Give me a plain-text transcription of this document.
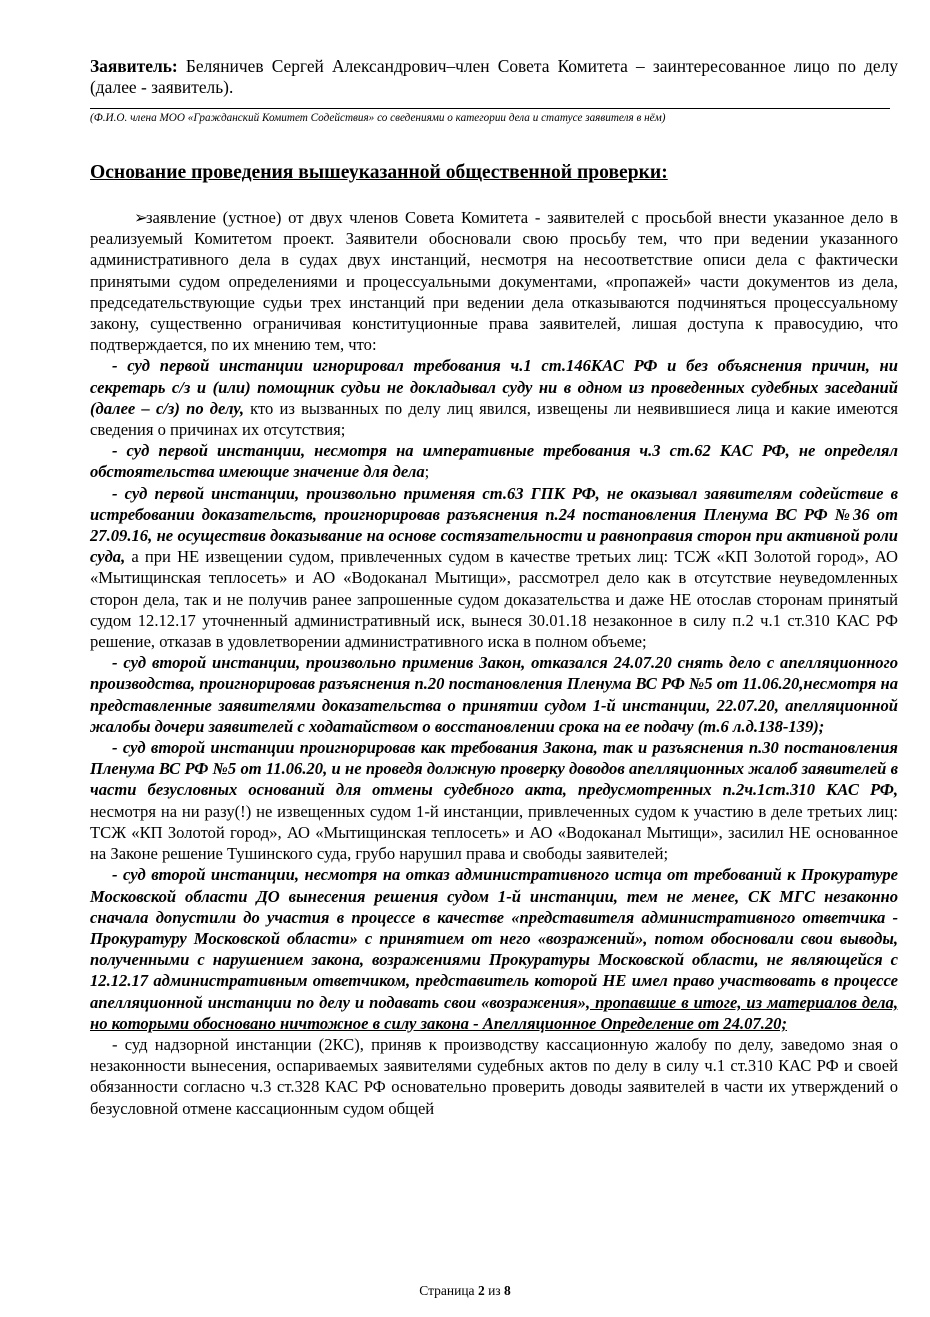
Заявитель: Беляничев Сергей Александрович–член Совета Комитета – заинтересованное лицо по делу (далее - заявитель).
(Ф.И.О. члена МОО «Гражданский Комитет Содействия» со сведениями о категории дела и статусе заявителя в нём)
Основание проведения вышеуказанной общественной проверки:

➢заявление (устное) от двух членов Совета Комитета - заявителей с просьбой внести указанное дело в реализуемый Комитетом проект. Заявители обосновали свою просьбу тем, что при ведении указанного административного дела в судах двух инстанций, несмотря на несоответствие описи дела с фактически принятыми судом определениями и процессуальными документами, «пропажей» части документов из дела, председательствующие судьи трех инстанций при ведении дела отказываются подчиняться процессуальному закону, существенно ограничивая конституционные права заявителей, лишая доступа к правосудию, что подтверждается, по их мнению тем, что:

- суд первой инстанции игнорировал требования ч.1 ст.146КАС РФ и без объяснения причин, ни секретарь с/з и (или) помощник судьи не докладывал суду ни в одном из проведенных судебных заседаний (далее – с/з) по делу, кто из вызванных по делу лиц явился, извещены ли неявившиеся лица и какие имеются сведения о причинах их отсутствия;

- суд первой инстанции, несмотря на императивные требования ч.3 ст.62 КАС РФ, не определял обстоятельства имеющие значение для дела;

- суд первой инстанции, произвольно применяя ст.63 ГПК РФ, не оказывал заявителям содействие в истребовании доказательств, проигнорировав разъяснения п.24 постановления Пленума ВС РФ №36 от 27.09.16, не осуществив доказывание на основе состязательности и равноправия сторон при активной роли суда, а при НЕ извещении судом, привлеченных судом в качестве третьих лиц: ТСЖ «КП Золотой город», АО «Мытищинская теплосеть» и АО «Водоканал Мытищи», рассмотрел дело как в отсутствие неуведомленных сторон дела, так и не получив ранее запрошенные судом доказательства и даже НЕ отослав сторонам принятый судом 12.12.17 уточненный административный иск, вынеся 30.01.18 незаконное в силу п.2 ч.1 ст.310 КАС РФ решение, отказав в удовлетворении административного иска в полном объеме;

- суд второй инстанции, произвольно применив Закон, отказался 24.07.20 снять дело с апелляционного производства, проигнорировав разъяснения п.20 постановления Пленума ВС РФ №5 от 11.06.20,несмотря на представленные заявителями доказательства о принятии судом 1-й инстанции, 22.07.20, апелляционной жалобы дочери заявителей с ходатайством о восстановлении срока на ее подачу (т.6 л.д.138-139);

- суд второй инстанции проигнорировав как требования Закона, так и разъяснения п.30 постановления Пленума ВС РФ №5 от 11.06.20, и не проведя должную проверку доводов апелляционных жалоб заявителей в части безусловных оснований для отмены судебного акта, предусмотренных п.2ч.1ст.310 КАС РФ, несмотря на ни разу(!) не извещенных судом 1-й инстанции, привлеченных судом к участию в деле третьих лиц: ТСЖ «КП Золотой город», АО «Мытищинская теплосеть» и АО «Водоканал Мытищи», засилил НЕ основанное на Законе решение Тушинского суда, грубо нарушил права и свободы заявителей;

- суд второй инстанции, несмотря на отказ административного истца от требований к Прокуратуре Московской области ДО вынесения решения судом 1-й инстанции, тем не менее, СК МГС незаконно сначала допустили до участия в процессе в качестве «представителя административного ответчика - Прокуратуру Московской области» с принятием от него «возражений», потом обосновали свои выводы, полученными с нарушением закона, возражениями Прокуратуры Московской области, не являющейся с 12.12.17 административным ответчиком, представитель которой НЕ имел право участвовать в процессе апелляционной инстанции по делу и подавать свои «возражения», пропавшие в итоге, из материалов дела, но которыми обосновано ничтожное в силу закона - Апелляционное Определение от 24.07.20;

- суд надзорной инстанции (2КС), приняв к производству кассационную жалобу по делу, заведомо зная о незаконности вынесения, оспариваемых заявителями судебных актов по делу в силу ч.1 ст.310 КАС РФ и своей обязанности согласно ч.3 ст.328 КАС РФ основательно проверить доводы заявителей в части их утверждений о безусловной отмене кассационным судом общей

Страница 2 из 8
